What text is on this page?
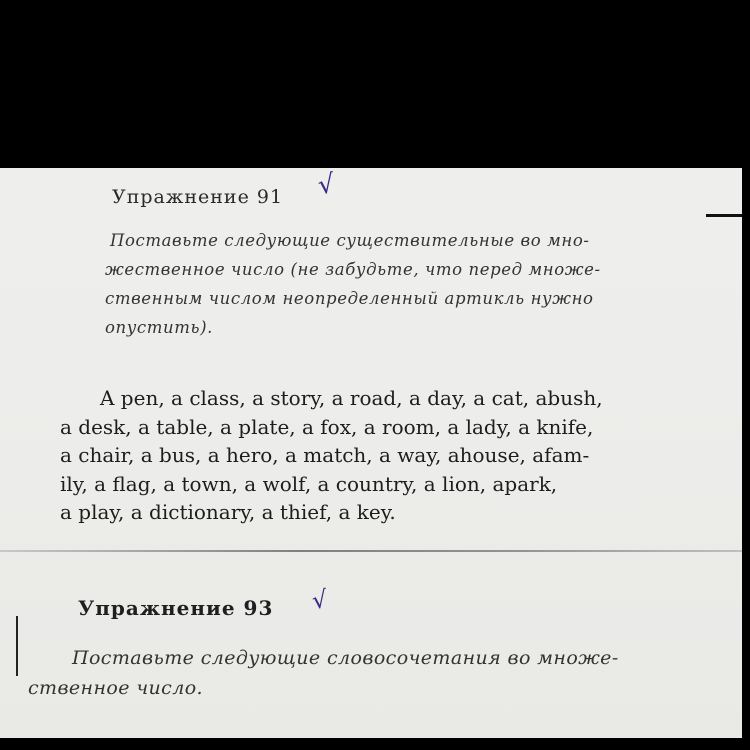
Упражнение 91 √
Поставьте следующие существительные во мно-
жественное число (не забудьте, что перед множе-
ственным числом неопределенный артикль нужно
опустить).
A pen, a class, a story, a road, a day, a cat, abush,
a desk, a table, a plate, a fox, a room, a lady, a knife,
a chair, a bus, a hero, a match, a way, ahouse, afam-
ily, a flag, a town, a wolf, a country, a lion, apark,
a play, a dictionary, a thief, a key.
Упражнение 93 √
Поставьте следующие словосочетания во множе-
ственное число.
